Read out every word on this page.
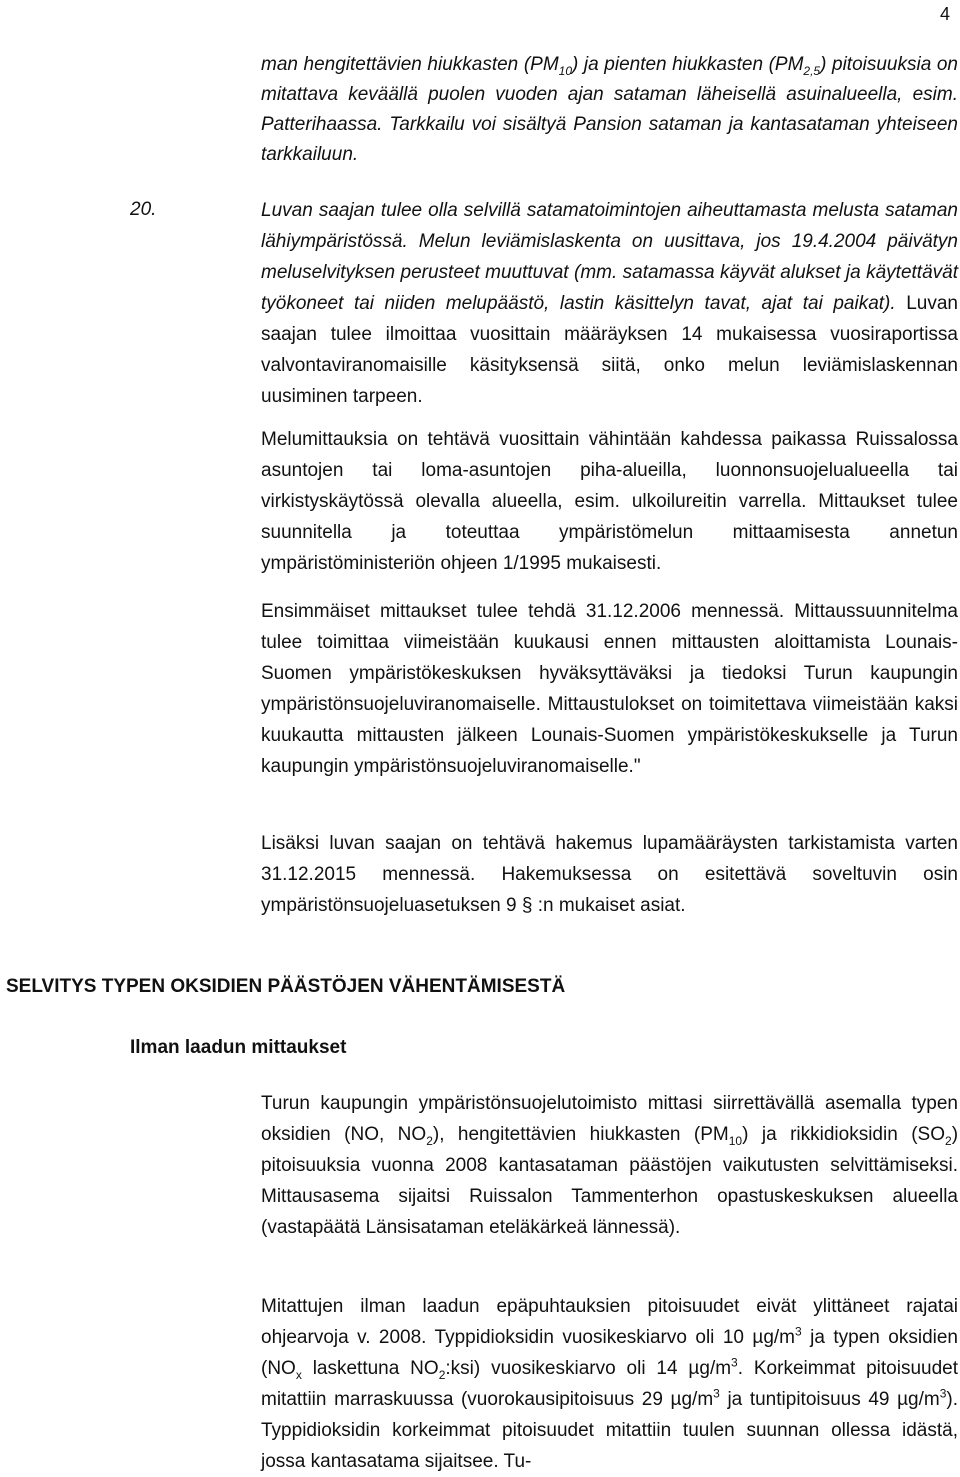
4
man hengitettävien hiukkasten $(PM_{10})$ ja pienten hiukkasten $(PM_{2,5})$ pitoisuuksia on mitattava keväällä puolen vuoden ajan sataman läheisellä asuinalueella, esim. Patterihaassa. Tarkkailu voi sisältyä Pansion sataman ja kantasataman yhteiseen tarkkailuun.
20.	Luvan saajan tulee olla selvillä satamatoimintojen aiheuttamasta melusta sataman lähiympäristössä. Melun leviämislaskenta on uusittava, jos 19.4.2004 päivätyn meluselvityksen perusteet muuttuvat (mm. satamassa käyvät alukset ja käytettävät työkoneet tai niiden melupäästö, lastin käsittelyn tavat, ajat tai paikat). Luvan saajan tulee ilmoittaa vuosittain määräyksen 14 mukaisessa vuosiraportissa valvontaviranomaisille käsityksensä siitä, onko melun leviämislaskennan uusiminen tarpeen.
Melumittauksia on tehtävä vuosittain vähintään kahdessa paikassa Ruissalossa asuntojen tai loma-asuntojen piha-alueilla, luonnonsuojelualueella tai virkistyskäytössä olevalla alueella, esim. ulkoilureitin varrella. Mittaukset tulee suunnitella ja toteuttaa ympäristömelun mittaamisesta annetun ympäristöministeriön ohjeen 1/1995 mukaisesti.
Ensimmäiset mittaukset tulee tehdä 31.12.2006 mennessä. Mittaussuunnitelma tulee toimittaa viimeistään kuukausi ennen mittausten aloittamista Lounais-Suomen ympäristökeskuksen hyväksyttäväksi ja tiedoksi Turun kaupungin ympäristönsuojeluviranomaiselle. Mittaustulokset on toimitettava viimeistään kaksi kuukautta mittausten jälkeen Lounais-Suomen ympäristökeskukselle ja Turun kaupungin ympäristönsuojeluviranomaiselle."
Lisäksi luvan saajan on tehtävä hakemus lupamääräysten tarkistamista varten 31.12.2015 mennessä. Hakemuksessa on esitettävä soveltuvin osin ympäristönsuojeluasetuksen 9 § :n mukaiset asiat.
SELVITYS TYPEN OKSIDIEN PÄÄSTÖJEN VÄHENTÄMISESTÄ
Ilman laadun mittaukset
Turun kaupungin ympäristönsuojelutoimisto mittasi siirrettävällä asemalla typen oksidien (NO, $NO_2$), hengitettävien hiukkasten $(PM_{10})$ ja rikkidioksidin $(SO_2)$ pitoisuuksia vuonna 2008 kantasataman päästöjen vaikutusten selvittämiseksi. Mittausasema sijaitsi Ruissalon Tammenterhon opastuskeskuksen alueella (vastapäätä Länsisataman eteläkärkeä lännessä).
Mitattujen ilman laadun epäpuhtauksien pitoisuudet eivät ylittäneet rajatai ohjearvoja v. 2008. Typpidioksidin vuosikeskiarvo oli 10 $\mu g/m^3$ ja typen oksidien ($NO_x$ laskettuna $NO_2:ksi$) vuosikeskiarvo oli 14 $\mu g/m^3$. Korkeimmat pitoisuudet mitattiin marraskuussa (vuorokausipitoisuus 29 $\mu g/m^3$ ja tuntipitoisuus 49 $\mu g/m^3$). Typpidioksidin korkeimmat pitoisuudet mitattiin tuulen suunnan ollessa idästä, jossa kantasatama sijaitsee. Tu-
